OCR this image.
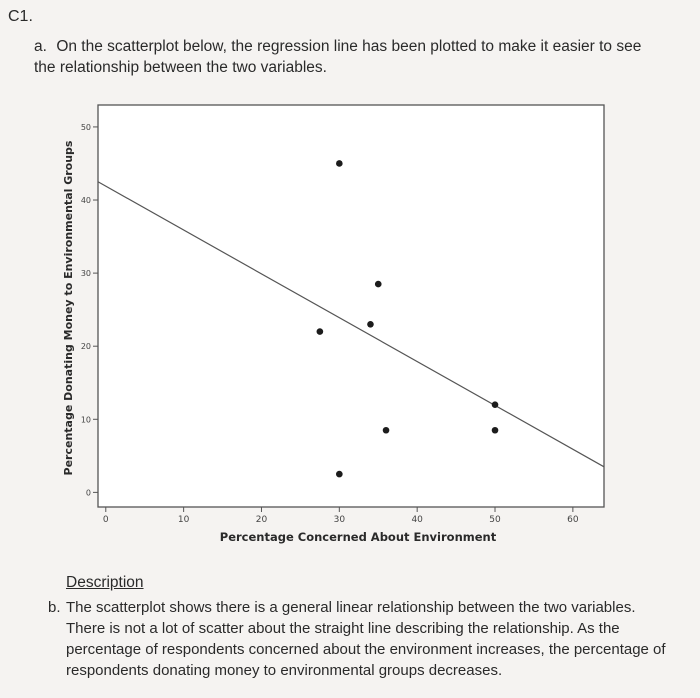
C1.
a. On the scatterplot below, the regression line has been plotted to make it easier to see the relationship between the two variables.
0	10	20	30	40	50	60
0
10
20
30
40
50
Percentage Concerned About Environment
Percentage Donating Money to Environmental Groups
Description
b. The scatterplot shows there is a general linear relationship between the two variables. There is not a lot of scatter about the straight line describing the relationship. As the percentage of respondents concerned about the environment increases, the percentage of respondents donating money to environmental groups decreases.
